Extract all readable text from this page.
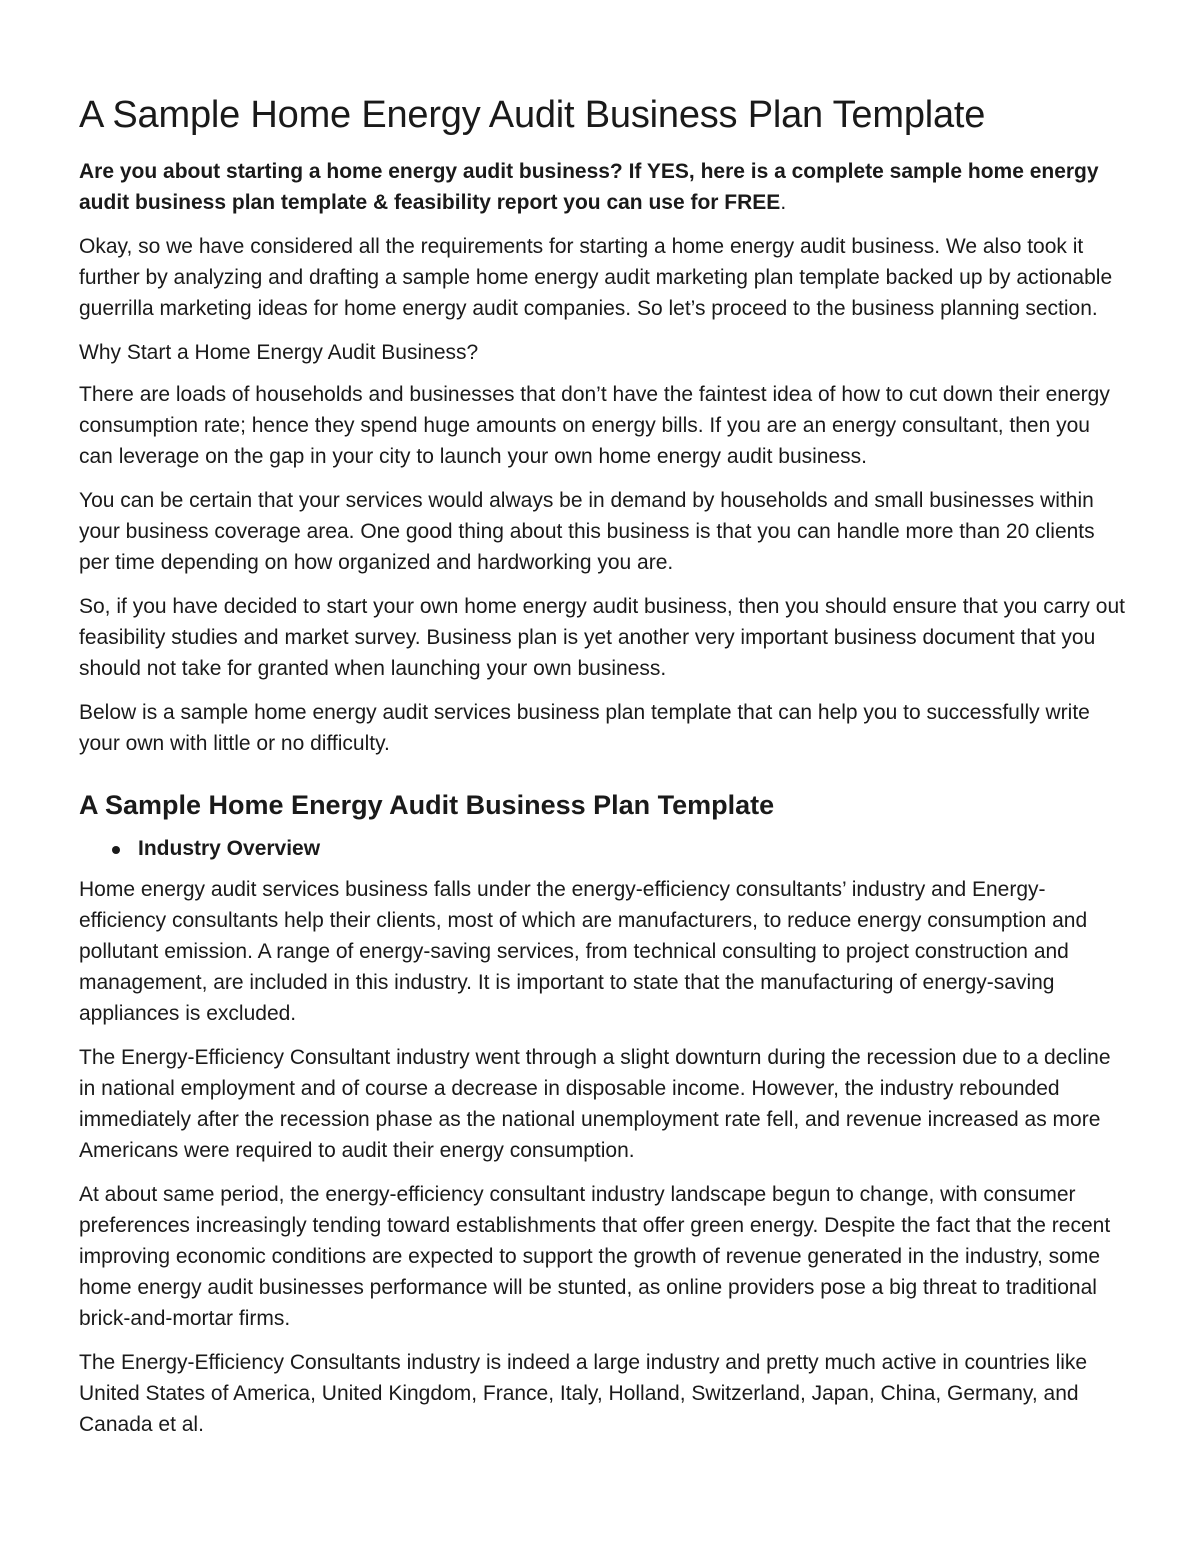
A Sample Home Energy Audit Business Plan Template

Are you about starting a home energy audit business? If YES, here is a complete sample home energy audit business plan template & feasibility report you can use for FREE.

Okay, so we have considered all the requirements for starting a home energy audit business. We also took it further by analyzing and drafting a sample home energy audit marketing plan template backed up by actionable guerrilla marketing ideas for home energy audit companies. So let’s proceed to the business planning section.

Why Start a Home Energy Audit Business?

There are loads of households and businesses that don’t have the faintest idea of how to cut down their energy consumption rate; hence they spend huge amounts on energy bills. If you are an energy consultant, then you can leverage on the gap in your city to launch your own home energy audit business.

You can be certain that your services would always be in demand by households and small businesses within your business coverage area. One good thing about this business is that you can handle more than 20 clients per time depending on how organized and hardworking you are.

So, if you have decided to start your own home energy audit business, then you should ensure that you carry out feasibility studies and market survey. Business plan is yet another very important business document that you should not take for granted when launching your own business.

Below is a sample home energy audit services business plan template that can help you to successfully write your own with little or no difficulty.

A Sample Home Energy Audit Business Plan Template
Industry Overview

Home energy audit services business falls under the energy-efficiency consultants’ industry and Energy-efficiency consultants help their clients, most of which are manufacturers, to reduce energy consumption and pollutant emission. A range of energy-saving services, from technical consulting to project construction and management, are included in this industry. It is important to state that the manufacturing of energy-saving appliances is excluded.

The Energy-Efficiency Consultant industry went through a slight downturn during the recession due to a decline in national employment and of course a decrease in disposable income. However, the industry rebounded immediately after the recession phase as the national unemployment rate fell, and revenue increased as more Americans were required to audit their energy consumption.

At about same period, the energy-efficiency consultant industry landscape begun to change, with consumer preferences increasingly tending toward establishments that offer green energy. Despite the fact that the recent improving economic conditions are expected to support the growth of revenue generated in the industry, some home energy audit businesses performance will be stunted, as online providers pose a big threat to traditional brick-and-mortar firms.

The Energy-Efficiency Consultants industry is indeed a large industry and pretty much active in countries like United States of America, United Kingdom, France, Italy, Holland, Switzerland, Japan, China, Germany, and Canada et al.
